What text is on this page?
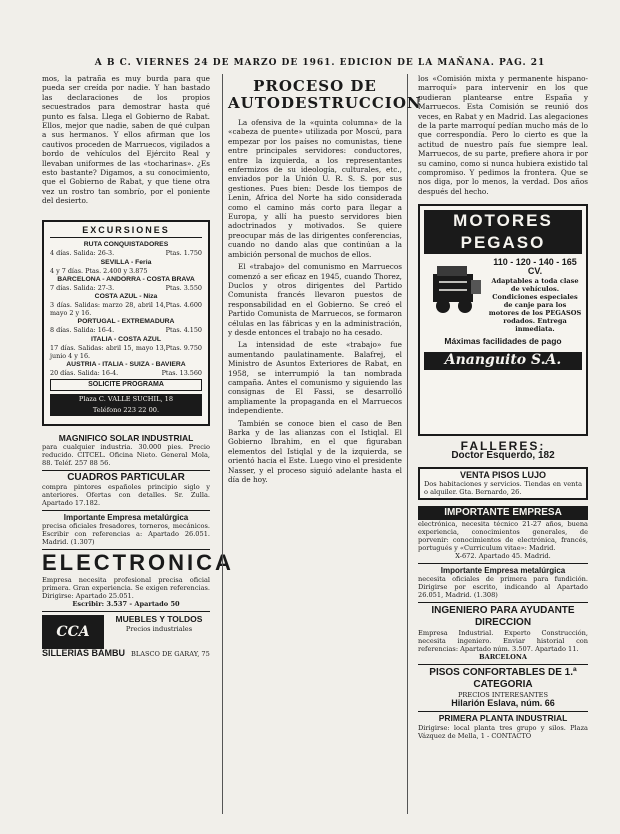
A B C. VIERNES 24 DE MARZO DE 1961. EDICION DE LA MAÑANA. PAG. 21
mos, la patraña es muy burda para que pueda ser creída por nadie. Y han bastado las declaraciones de los propios secuestrados para demostrar hasta qué punto es falsa. Llega el Gobierno de Rabat. Ellos, mejor que nadie, saben de qué culpan a sus hermanos. Y ellos afirman que los cautivos proceden de Marruecos, vigilados a bordo de vehículos del Ejército Real y llevaban uniformes de las «tocharinas». ¿Es esto bastante? Digamos, a su conocimiento, que el Gobierno de Rabat, y que tiene otra vez un rostro tan sombrío, por el poniente del desierto.
EXCURSIONES
RUTA CONQUISTADORES
4 días. Salida: 26-3.	Ptas. 1.750
SEVILLA - Feria
4 y 7 días. Ptas. 2.400 y 3.875
BARCELONA - ANDORRA - COSTA BRAVA
7 días. Salida: 27-3.	Ptas. 3.550
COSTA AZUL - Niza
3 días. Salidas: marzo 28, abril 14, mayo 2 y 16.
Ptas. 4.600
PORTUGAL - EXTREMADURA
8 días. Salida: 16-4.	Ptas. 4.150
ITALIA - COSTA AZUL
17 días. Salidas: abril 15, mayo 13, junio 4 y 16.
Ptas. 9.750
AUSTRIA - ITALIA - SUIZA - BAVIERA
20 días. Salida: 16-4.	Ptas. 13.560
SOLICITE PROGRAMA
Plaza C. VALLE SUCHIL, 18
Teléfono 223 22 00.
MAGNIFICO SOLAR INDUSTRIAL
para cualquier industria. 30.000 pies. Precio reducido. CITCEL. Oficina Nieto. General Mola, 88. Teléf. 257 88 56.
CUADROS PARTICULAR
compra pintores españoles principio siglo y anteriores. Ofertas con detalles. Sr. Zulla. Apartado 17.182.
Importante Empresa metalúrgica
precisa oficiales fresadores, torneros, mecánicos. Escribir con referencias a: Apartado 26.051. Madrid. (1.307)
ELECTRONICA
Empresa necesita profesional precisa oficial primera. Gran experiencia. Se exigen referencias. Dirigirse: Apartado 25.051.
Escribir: 3.537 - Apartado 50
CCA
MUEBLES Y TOLDOS
Precios industriales
SILLERIAS BAMBU BLASCO DE GARAY, 75
PROCESO DE AUTODESTRUCCION

La ofensiva de la «quinta columna» de la «cabeza de puente» utilizada por Moscú, para empezar por los países no comunistas, tiene entre principales servidores: conductores, entre la izquierda, a los representantes enfermizos de su ideología, culturales, etc., enviados por la Unión U. R. S. S. por sus gestiones. Pues bien: Desde los tiempos de Lenin, Africa del Norte ha sido considerada como el camino más corto para llegar a Europa, y allí ha puesto servidores bien adoctrinados y motivados. Se quiere preocupar más de las dirigentes conferencias, cuando no dando alas que continúan a la ambición personal de muchos de ellos.

El «trabajo» del comunismo en Marruecos comenzó a ser eficaz en 1945, cuando Thorez, Duclos y otros dirigentes del Partido Comunista francés llevaron puestos de responsabilidad en el Gobierno. Se creó el Partido Comunista de Marruecos, se formaron células en las fábricas y en la administración, y desde entonces el trabajo no ha cesado.

La intensidad de este «trabajo» fue aumentando paulatinamente. Balafrej, el Ministro de Asuntos Exteriores de Rabat, en 1958, se interrumpió la tan nombrada campaña. Antes el comunismo y siguiendo las consignas de El Fassi, se desarrolló ampliamente la propaganda en el Marruecos independiente.

También se conoce bien el caso de Ben Barka y de las alianzas con el Istiqlal. El Gobierno Ibrahim, en el que figuraban elementos del Istiqlal y de la izquierda, se orientó hacia el Este. Luego vino el presidente Nasser, y el proceso siguió adelante hasta el día de hoy.

los «Comisión mixta y permanente hispano-marroquí» para intervenir en los que pudieran plantearse entre España y Marruecos. Esta Comisión se reunió dos veces, en Rabat y en Madrid. Las alegaciones de la parte marroquí pedían mucho más de lo que correspondía. Pero lo cierto es que la actitud de nuestro país fue siempre leal. Marruecos, de su parte, prefiere ahora ir por su camino, como si nunca hubiera existido tal compromiso. Y pedimos la frontera. Que se nos diga, por lo menos, la verdad. Dos años después del hecho.
MOTORES PEGASO
110 - 120 - 140 - 165 CV.
Adaptables a toda clase de vehículos. Condiciones especiales de canje para los motores de los PEGASOS rodados. Entrega inmediata.
Máximas facilidades de pago
Ananguito S.A.
FALLERES:
Doctor Esquerdo, 182
VENTA PISOS LUJO
Dos habitaciones y servicios. Tiendas en venta o alquiler. Gta. Bernardo, 26.
IMPORTANTE EMPRESA
electrónica, necesita técnico 21-27 años, buena experiencia, conocimientos generales, de porvenir: conocimientos de electrónica, francés, portugués y «Curriculum vitae»: Madrid.
X-672. Apartado 45. Madrid.
Importante Empresa metalúrgica
necesita oficiales de primera para fundición. Dirigirse por escrito, indicando al Apartado 26.051, Madrid. (1.308)
INGENIERO PARA AYUDANTE DIRECCION
Empresa Industrial. Experto Construcción, necesita ingeniero. Enviar historial con referencias: Apartado núm. 3.507. Apartado 11.
BARCELONA
PISOS CONFORTABLES DE 1.ª CATEGORIA
PRECIOS INTERESANTES
Hilarión Eslava, núm. 66
PRIMERA PLANTA INDUSTRIAL
Dirigirse: local planta tres grupo y silos. Plaza Vázquez de Mella, 1 - CONTACTO
